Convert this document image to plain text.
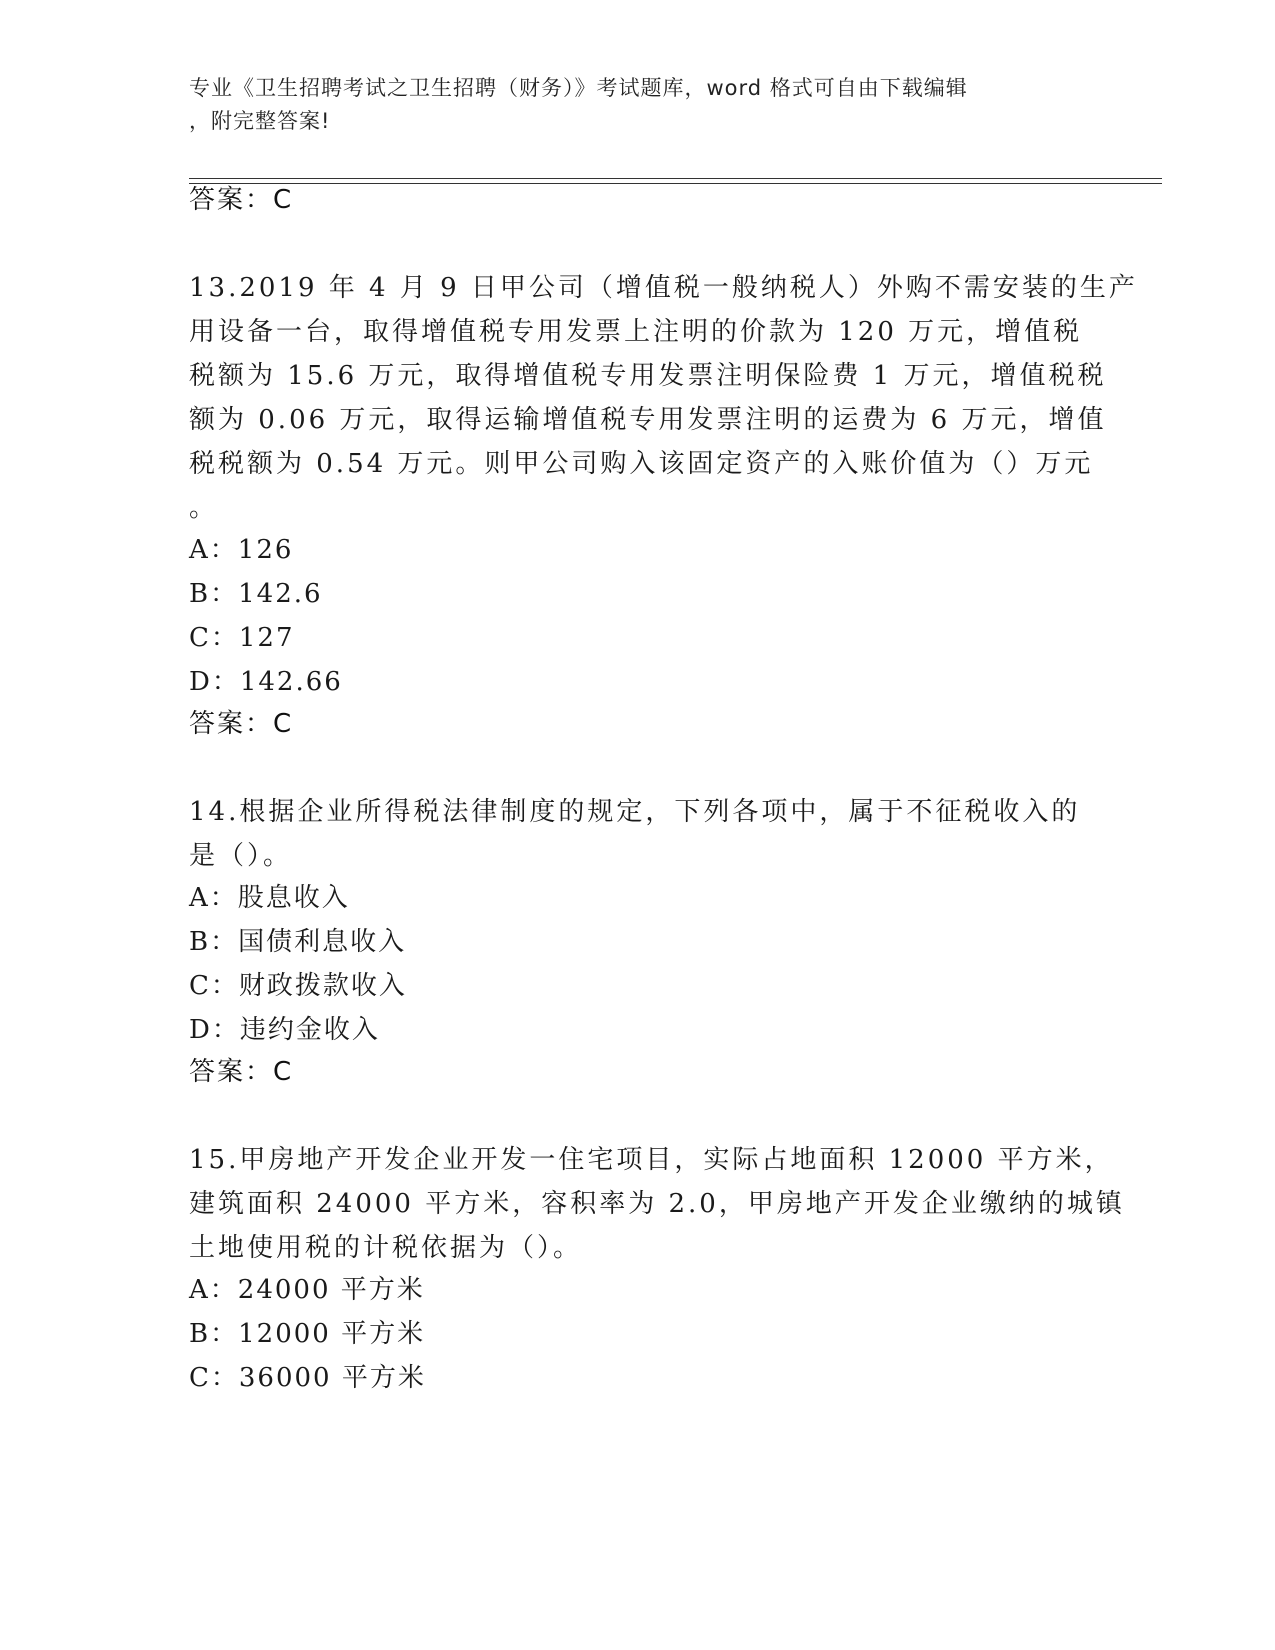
专业《卫生招聘考试之卫生招聘（财务）》考试题库，word 格式可自由下载编辑
，附完整答案!
答案：C
13.2019 年 4 月 9 日甲公司（增值税一般纳税人）外购不需安装的生产
用设备一台，取得增值税专用发票上注明的价款为 120 万元，增值税
税额为 15.6 万元，取得增值税专用发票注明保险费 1 万元，增值税税
额为 0.06 万元，取得运输增值税专用发票注明的运费为 6 万元，增值
税税额为 0.54 万元。则甲公司购入该固定资产的入账价值为（）万元
。
A：126
B：142.6
C：127
D：142.66
答案：C
14.根据企业所得税法律制度的规定，下列各项中，属于不征税收入的
是（）。
A：股息收入
B：国债利息收入
C：财政拨款收入
D：违约金收入
答案：C
15.甲房地产开发企业开发一住宅项目，实际占地面积 12000 平方米，
建筑面积 24000 平方米，容积率为 2.0，甲房地产开发企业缴纳的城镇
土地使用税的计税依据为（）。
A：24000 平方米
B：12000 平方米
C：36000 平方米
